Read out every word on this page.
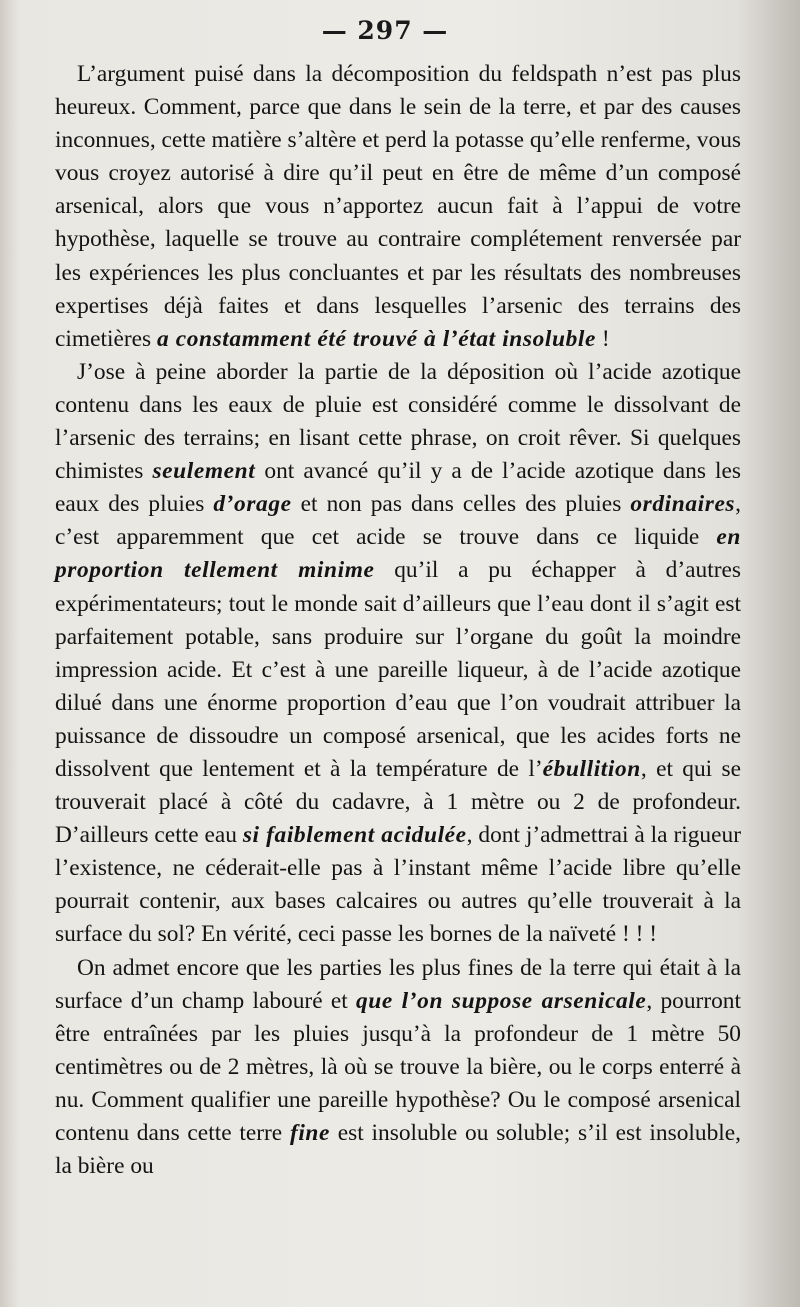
— 297 —

L’argument puisé dans la décomposition du feldspath n’est pas plus heureux. Comment, parce que dans le sein de la terre, et par des causes inconnues, cette matière s’altère et perd la potasse qu’elle renferme, vous vous croyez autorisé à dire qu’il peut en être de même d’un composé arsenical, alors que vous n’apportez aucun fait à l’appui de votre hypothèse, laquelle se trouve au contraire complétement renversée par les expériences les plus concluantes et par les résultats des nombreuses expertises déjà faites et dans lesquelles l’arsenic des terrains des cimetières a constamment été trouvé à l’état insoluble !

J’ose à peine aborder la partie de la déposition où l’acide azotique contenu dans les eaux de pluie est considéré comme le dissolvant de l’arsenic des terrains; en lisant cette phrase, on croit rêver. Si quelques chimistes seulement ont avancé qu’il y a de l’acide azotique dans les eaux des pluies d’orage et non pas dans celles des pluies ordinaires, c’est apparemment que cet acide se trouve dans ce liquide en proportion tellement minime qu’il a pu échapper à d’autres expérimentateurs; tout le monde sait d’ailleurs que l’eau dont il s’agit est parfaitement potable, sans produire sur l’organe du goût la moindre impression acide. Et c’est à une pareille liqueur, à de l’acide azotique dilué dans une énorme proportion d’eau que l’on voudrait attribuer la puissance de dissoudre un composé arsenical, que les acides forts ne dissolvent que lentement et à la température de l’ébullition, et qui se trouverait placé à côté du cadavre, à 1 mètre ou 2 de profondeur. D’ailleurs cette eau si faiblement acidulée, dont j’admettrai à la rigueur l’existence, ne céderait-elle pas à l’instant même l’acide libre qu’elle pourrait contenir, aux bases calcaires ou autres qu’elle trouverait à la surface du sol? En vérité, ceci passe les bornes de la naïveté ! ! !

On admet encore que les parties les plus fines de la terre qui était à la surface d’un champ labouré et que l’on suppose arsenicale, pourront être entraînées par les pluies jusqu’à la profondeur de 1 mètre 50 centimètres ou de 2 mètres, là où se trouve la bière, ou le corps enterré à nu. Comment qualifier une pareille hypothèse? Ou le composé arsenical contenu dans cette terre fine est insoluble ou soluble; s’il est insoluble, la bière ou
